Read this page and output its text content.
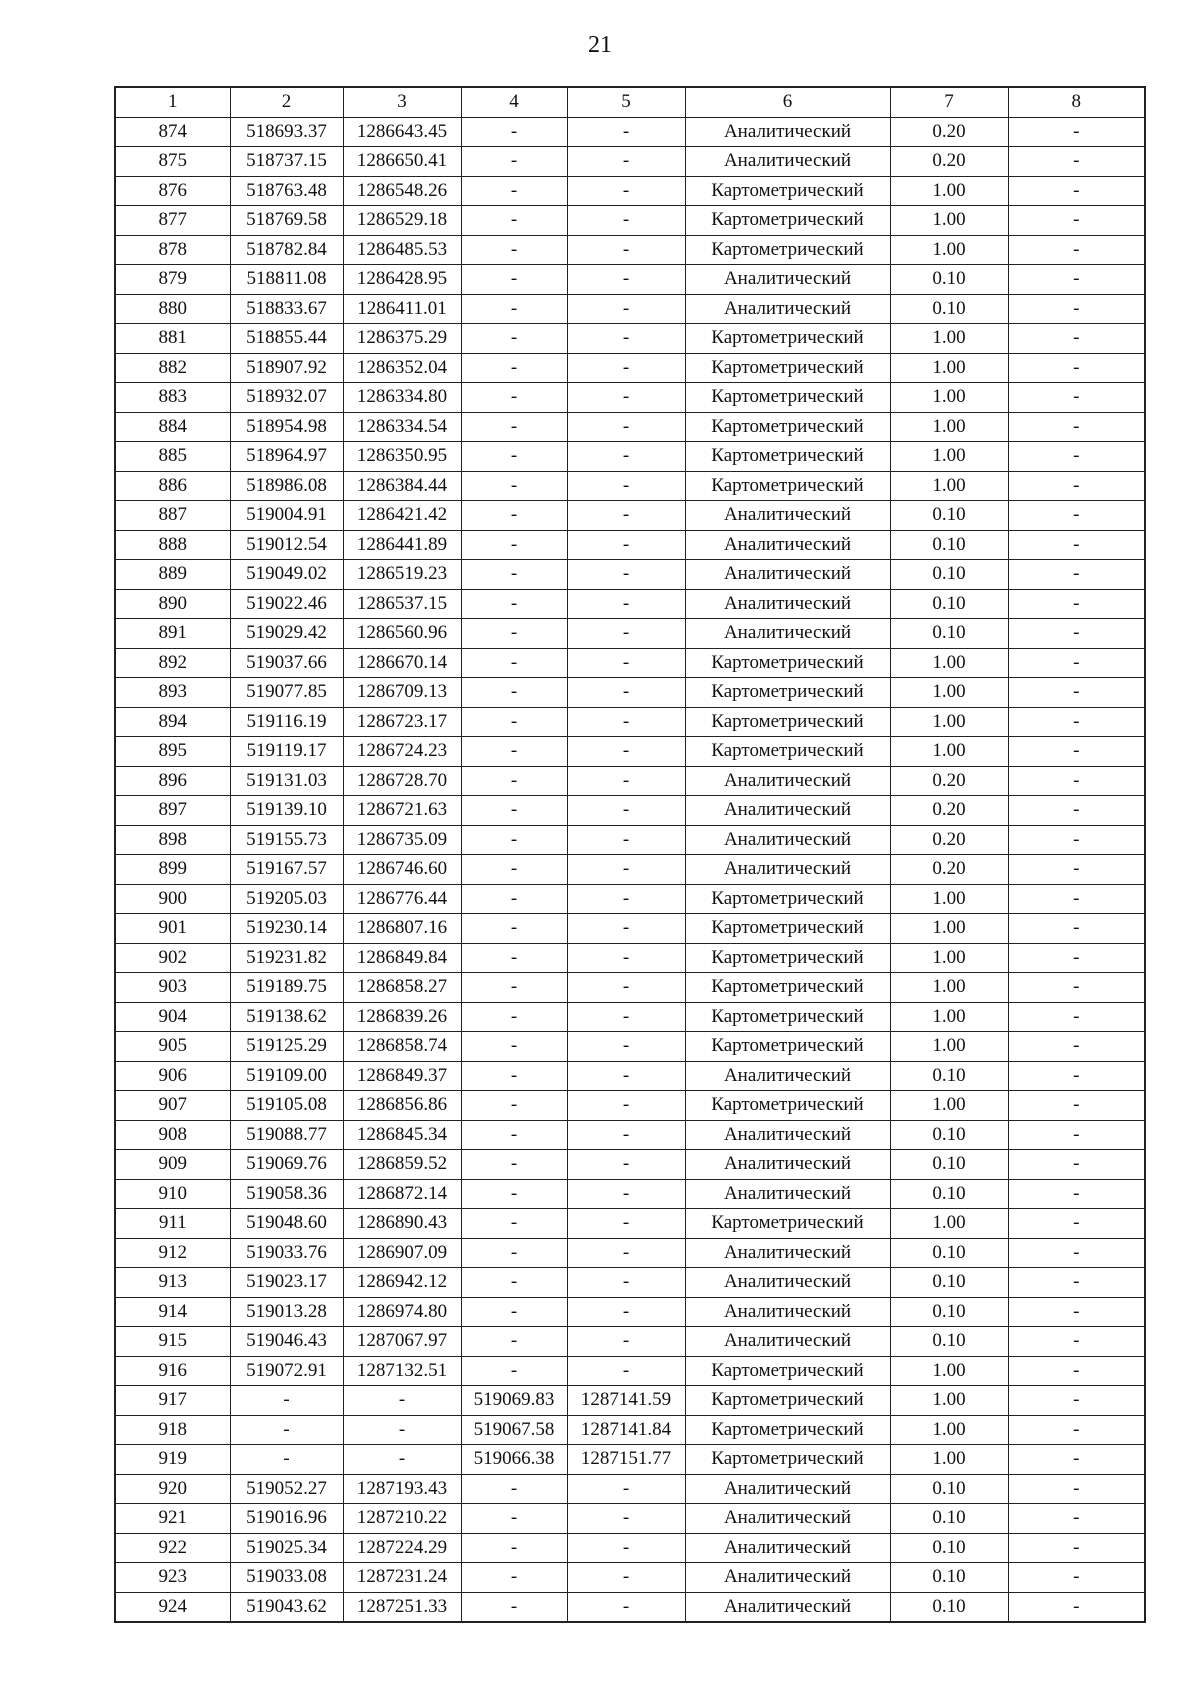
21
1	2	3	4	5	6	7	8
874	518693.37	1286643.45	-	-	Аналитический	0.20	-
875	518737.15	1286650.41	-	-	Аналитический	0.20	-
876	518763.48	1286548.26	-	-	Картометрический	1.00	-
877	518769.58	1286529.18	-	-	Картометрический	1.00	-
878	518782.84	1286485.53	-	-	Картометрический	1.00	-
879	518811.08	1286428.95	-	-	Аналитический	0.10	-
880	518833.67	1286411.01	-	-	Аналитический	0.10	-
881	518855.44	1286375.29	-	-	Картометрический	1.00	-
882	518907.92	1286352.04	-	-	Картометрический	1.00	-
883	518932.07	1286334.80	-	-	Картометрический	1.00	-
884	518954.98	1286334.54	-	-	Картометрический	1.00	-
885	518964.97	1286350.95	-	-	Картометрический	1.00	-
886	518986.08	1286384.44	-	-	Картометрический	1.00	-
887	519004.91	1286421.42	-	-	Аналитический	0.10	-
888	519012.54	1286441.89	-	-	Аналитический	0.10	-
889	519049.02	1286519.23	-	-	Аналитический	0.10	-
890	519022.46	1286537.15	-	-	Аналитический	0.10	-
891	519029.42	1286560.96	-	-	Аналитический	0.10	-
892	519037.66	1286670.14	-	-	Картометрический	1.00	-
893	519077.85	1286709.13	-	-	Картометрический	1.00	-
894	519116.19	1286723.17	-	-	Картометрический	1.00	-
895	519119.17	1286724.23	-	-	Картометрический	1.00	-
896	519131.03	1286728.70	-	-	Аналитический	0.20	-
897	519139.10	1286721.63	-	-	Аналитический	0.20	-
898	519155.73	1286735.09	-	-	Аналитический	0.20	-
899	519167.57	1286746.60	-	-	Аналитический	0.20	-
900	519205.03	1286776.44	-	-	Картометрический	1.00	-
901	519230.14	1286807.16	-	-	Картометрический	1.00	-
902	519231.82	1286849.84	-	-	Картометрический	1.00	-
903	519189.75	1286858.27	-	-	Картометрический	1.00	-
904	519138.62	1286839.26	-	-	Картометрический	1.00	-
905	519125.29	1286858.74	-	-	Картометрический	1.00	-
906	519109.00	1286849.37	-	-	Аналитический	0.10	-
907	519105.08	1286856.86	-	-	Картометрический	1.00	-
908	519088.77	1286845.34	-	-	Аналитический	0.10	-
909	519069.76	1286859.52	-	-	Аналитический	0.10	-
910	519058.36	1286872.14	-	-	Аналитический	0.10	-
911	519048.60	1286890.43	-	-	Картометрический	1.00	-
912	519033.76	1286907.09	-	-	Аналитический	0.10	-
913	519023.17	1286942.12	-	-	Аналитический	0.10	-
914	519013.28	1286974.80	-	-	Аналитический	0.10	-
915	519046.43	1287067.97	-	-	Аналитический	0.10	-
916	519072.91	1287132.51	-	-	Картометрический	1.00	-
917	-	-	519069.83	1287141.59	Картометрический	1.00	-
918	-	-	519067.58	1287141.84	Картометрический	1.00	-
919	-	-	519066.38	1287151.77	Картометрический	1.00	-
920	519052.27	1287193.43	-	-	Аналитический	0.10	-
921	519016.96	1287210.22	-	-	Аналитический	0.10	-
922	519025.34	1287224.29	-	-	Аналитический	0.10	-
923	519033.08	1287231.24	-	-	Аналитический	0.10	-
924	519043.62	1287251.33	-	-	Аналитический	0.10	-
